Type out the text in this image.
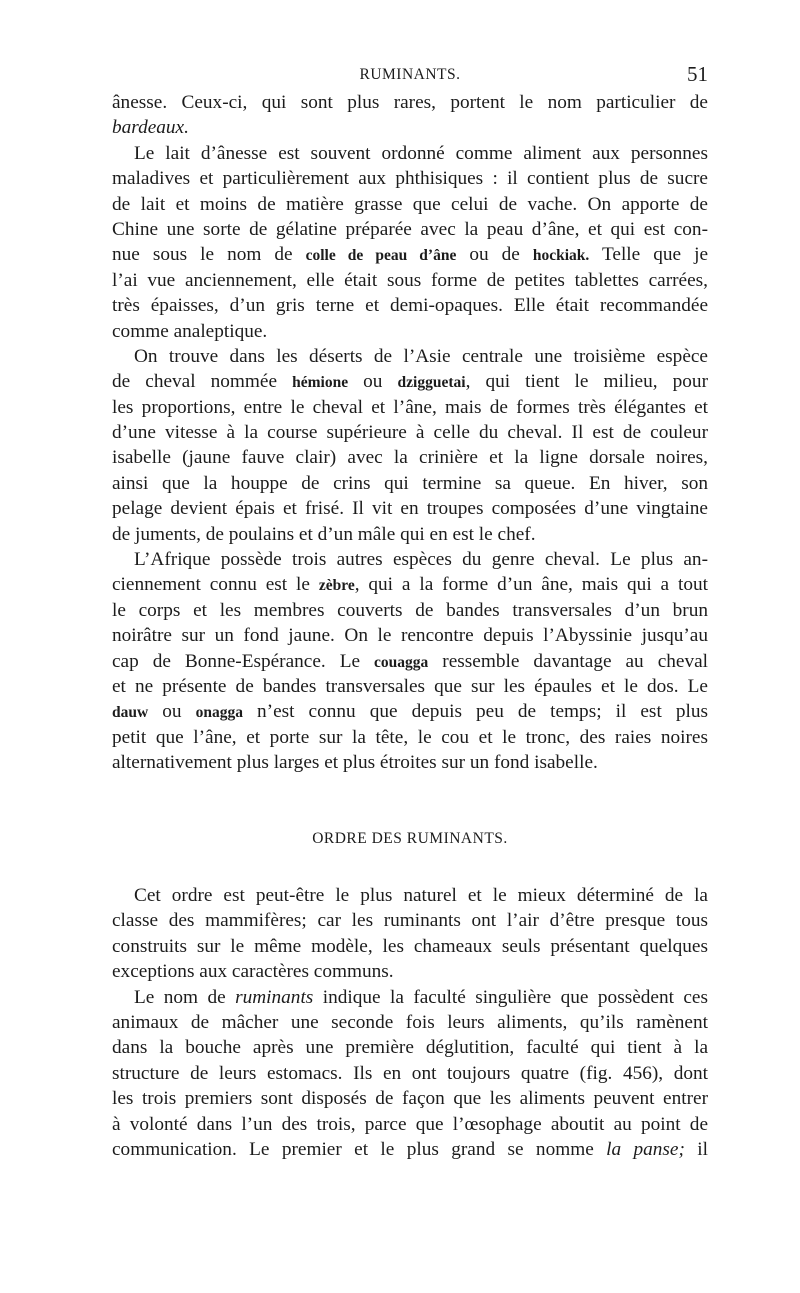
RUMINANTS.	51
ânesse. Ceux-ci, qui sont plus rares, portent le nom particulier de
bardeaux.
Le lait d’ânesse est souvent ordonné comme aliment aux personnes
maladives et particulièrement aux phthisiques : il contient plus de sucre
de lait et moins de matière grasse que celui de vache. On apporte de
Chine une sorte de gélatine préparée avec la peau d’âne, et qui est con-
nue sous le nom de colle de peau d’âne ou de hockiak. Telle que je
l’ai vue anciennement, elle était sous forme de petites tablettes carrées,
très épaisses, d’un gris terne et demi-opaques. Elle était recommandée
comme analeptique.
On trouve dans les déserts de l’Asie centrale une troisième espèce
de cheval nommée hémione ou dzigguetai, qui tient le milieu, pour
les proportions, entre le cheval et l’âne, mais de formes très élégantes et
d’une vitesse à la course supérieure à celle du cheval. Il est de couleur
isabelle (jaune fauve clair) avec la crinière et la ligne dorsale noires,
ainsi que la houppe de crins qui termine sa queue. En hiver, son
pelage devient épais et frisé. Il vit en troupes composées d’une vingtaine
de juments, de poulains et d’un mâle qui en est le chef.
L’Afrique possède trois autres espèces du genre cheval. Le plus an-
ciennement connu est le zèbre, qui a la forme d’un âne, mais qui a tout
le corps et les membres couverts de bandes transversales d’un brun
noirâtre sur un fond jaune. On le rencontre depuis l’Abyssinie jusqu’au
cap de Bonne-Espérance. Le couagga ressemble davantage au cheval
et ne présente de bandes transversales que sur les épaules et le dos. Le
dauw ou onagga n’est connu que depuis peu de temps; il est plus
petit que l’âne, et porte sur la tête, le cou et le tronc, des raies noires
alternativement plus larges et plus étroites sur un fond isabelle.
ORDRE DES RUMINANTS.
Cet ordre est peut-être le plus naturel et le mieux déterminé de la
classe des mammifères; car les ruminants ont l’air d’être presque tous
construits sur le même modèle, les chameaux seuls présentant quelques
exceptions aux caractères communs.
Le nom de ruminants indique la faculté singulière que possèdent ces
animaux de mâcher une seconde fois leurs aliments, qu’ils ramènent
dans la bouche après une première déglutition, faculté qui tient à la
structure de leurs estomacs. Ils en ont toujours quatre (fig. 456), dont
les trois premiers sont disposés de façon que les aliments peuvent entrer
à volonté dans l’un des trois, parce que l’œsophage aboutit au point de
communication. Le premier et le plus grand se nomme la panse; il
